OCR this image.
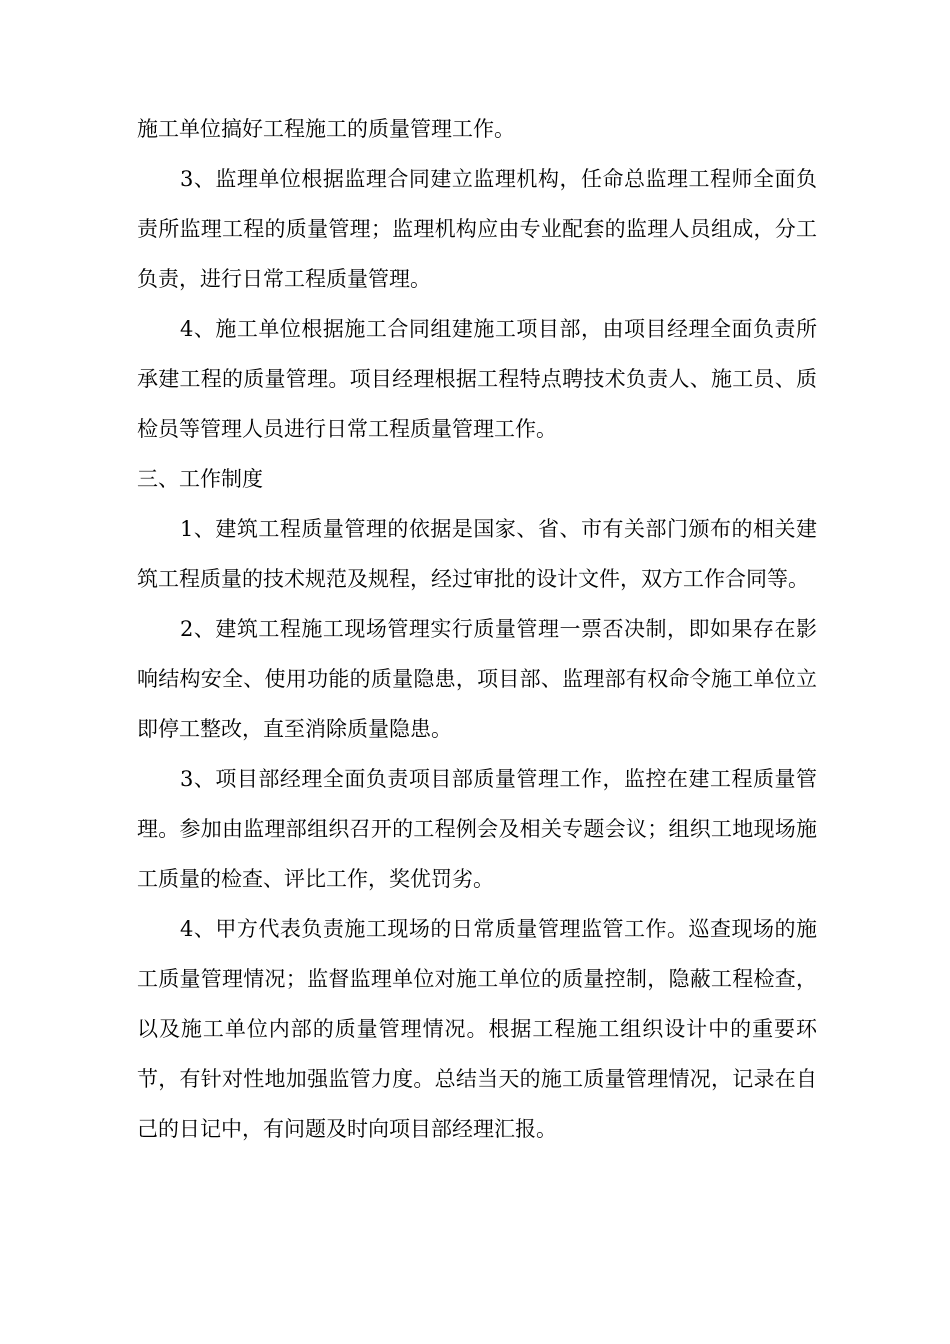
施工单位搞好工程施工的质量管理工作。

3、监理单位根据监理合同建立监理机构，任命总监理工程师全面负责所监理工程的质量管理；监理机构应由专业配套的监理人员组成，分工负责，进行日常工程质量管理。

4、施工单位根据施工合同组建施工项目部，由项目经理全面负责所承建工程的质量管理。项目经理根据工程特点聘技术负责人、施工员、质检员等管理人员进行日常工程质量管理工作。

三、工作制度

1、建筑工程质量管理的依据是国家、省、市有关部门颁布的相关建筑工程质量的技术规范及规程，经过审批的设计文件，双方工作合同等。

2、建筑工程施工现场管理实行质量管理一票否决制，即如果存在影响结构安全、使用功能的质量隐患，项目部、监理部有权命令施工单位立即停工整改，直至消除质量隐患。

3、项目部经理全面负责项目部质量管理工作，监控在建工程质量管理。参加由监理部组织召开的工程例会及相关专题会议；组织工地现场施工质量的检查、评比工作，奖优罚劣。

4、甲方代表负责施工现场的日常质量管理监管工作。巡查现场的施工质量管理情况；监督监理单位对施工单位的质量控制，隐蔽工程检查，以及施工单位内部的质量管理情况。根据工程施工组织设计中的重要环节，有针对性地加强监管力度。总结当天的施工质量管理情况，记录在自己的日记中，有问题及时向项目部经理汇报。
